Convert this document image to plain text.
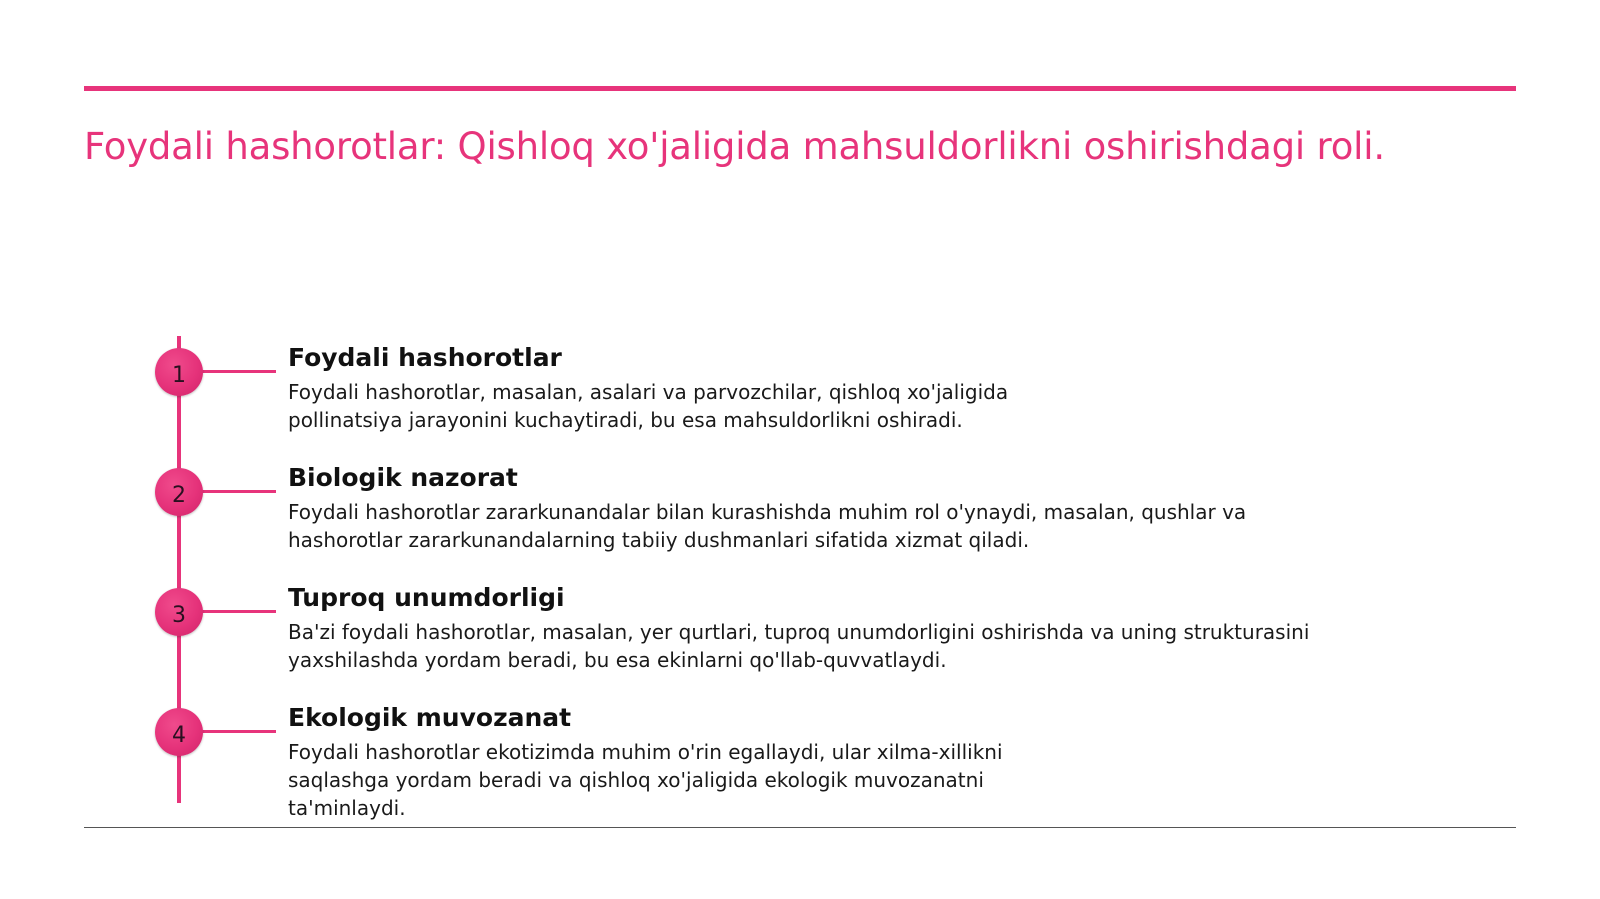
Foydali hashorotlar: Qishloq xo'jaligida mahsuldorlikni oshirishdagi roli.
1
Foydali hashorotlar

Foydali hashorotlar, masalan, asalari va parvozchilar, qishloq xo'jaligida

pollinatsiya jarayonini kuchaytiradi, bu esa mahsuldorlikni oshiradi.

2
Biologik nazorat

Foydali hashorotlar zararkunandalar bilan kurashishda muhim rol o'ynaydi, masalan, qushlar va

hashorotlar zararkunandalarning tabiiy dushmanlari sifatida xizmat qiladi.

3
Tuproq unumdorligi

Ba'zi foydali hashorotlar, masalan, yer qurtlari, tuproq unumdorligini oshirishda va uning strukturasini

yaxshilashda yordam beradi, bu esa ekinlarni qo'llab-quvvatlaydi.

4
Ekologik muvozanat

Foydali hashorotlar ekotizimda muhim o'rin egallaydi, ular xilma-xillikni

saqlashga yordam beradi va qishloq xo'jaligida ekologik muvozanatni

ta'minlaydi.
